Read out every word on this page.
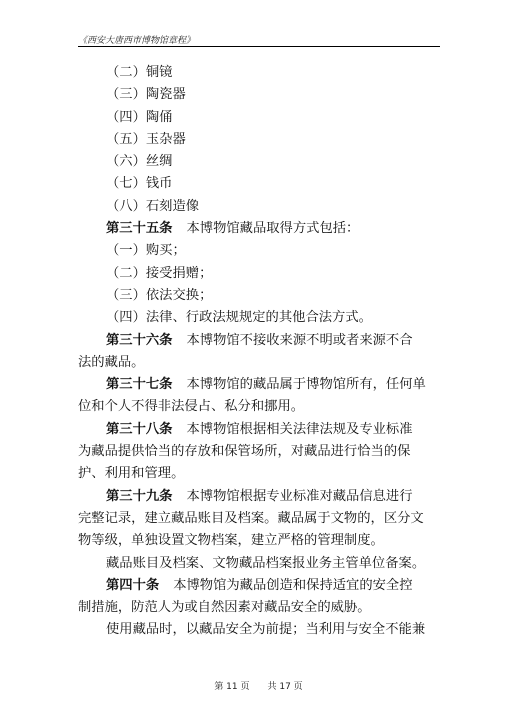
《西安大唐西市博物馆章程》
（二）铜镜
（三）陶瓷器
（四）陶俑
（五）玉杂器
（六）丝绸
（七）钱币
（八）石刻造像
第三十五条 本博物馆藏品取得方式包括：
（一）购买；
（二）接受捐赠；
（三）依法交换；
（四）法律、行政法规规定的其他合法方式。
第三十六条 本博物馆不接收来源不明或者来源不合
法的藏品。
第三十七条 本博物馆的藏品属于博物馆所有，任何单
位和个人不得非法侵占、私分和挪用。
第三十八条 本博物馆根据相关法律法规及专业标准
为藏品提供恰当的存放和保管场所，对藏品进行恰当的保
护、利用和管理。
第三十九条 本博物馆根据专业标准对藏品信息进行
完整记录，建立藏品账目及档案。藏品属于文物的，区分文
物等级，单独设置文物档案，建立严格的管理制度。
藏品账目及档案、文物藏品档案报业务主管单位备案。
第四十条 本博物馆为藏品创造和保持适宜的安全控
制措施，防范人为或自然因素对藏品安全的威胁。
使用藏品时，以藏品安全为前提；当利用与安全不能兼
第 11 页 共 17 页
